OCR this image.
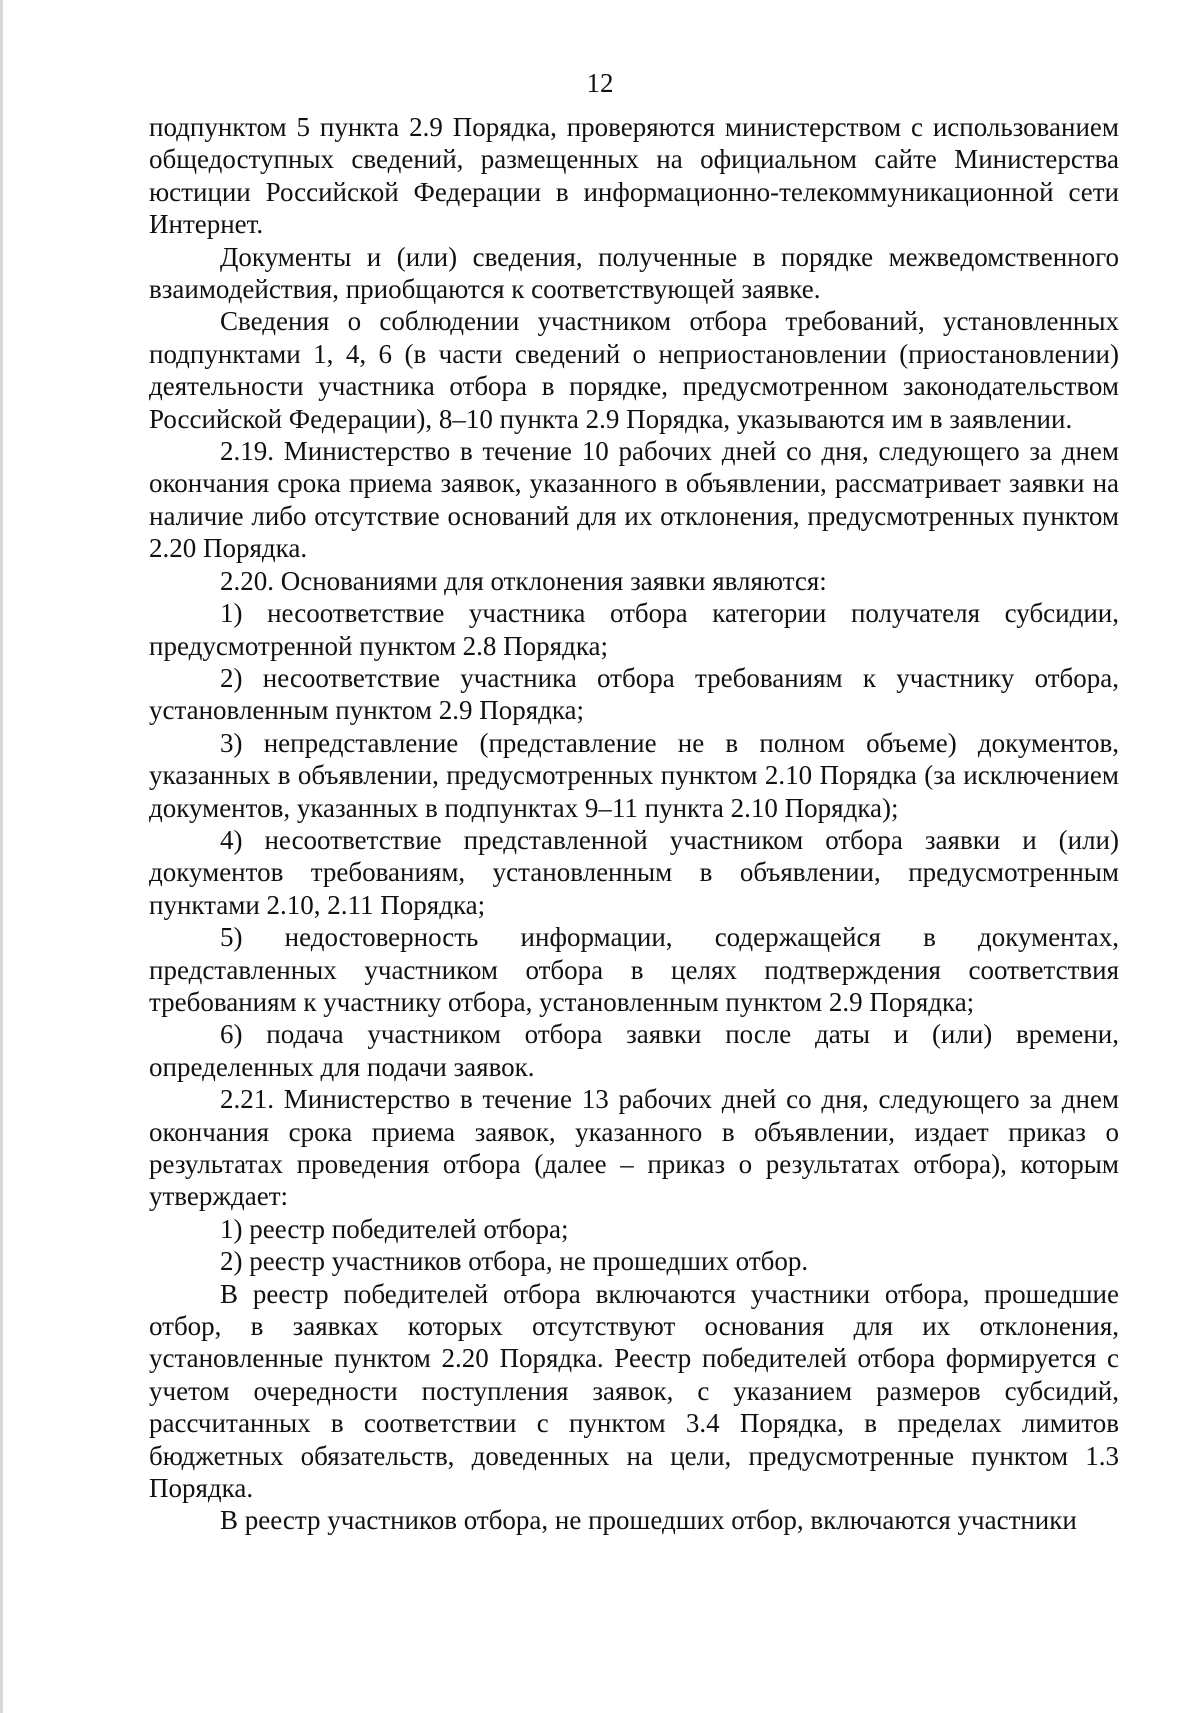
12

подпунктом 5 пункта 2.9 Порядка, проверяются министерством с использованием общедоступных сведений, размещенных на официальном сайте Министерства юстиции Российской Федерации в информационно-телекоммуникационной сети Интернет.

Документы и (или) сведения, полученные в порядке межведомственного взаимодействия, приобщаются к соответствующей заявке.

Сведения о соблюдении участником отбора требований, установленных подпунктами 1, 4, 6 (в части сведений о неприостановлении (приостановлении) деятельности участника отбора в порядке, предусмотренном законодательством Российской Федерации), 8–10 пункта 2.9 Порядка, указываются им в заявлении.

2.19. Министерство в течение 10 рабочих дней со дня, следующего за днем окончания срока приема заявок, указанного в объявлении, рассматривает заявки на наличие либо отсутствие оснований для их отклонения, предусмотренных пунктом 2.20 Порядка.

2.20. Основаниями для отклонения заявки являются:

1) несоответствие участника отбора категории получателя субсидии, предусмотренной пунктом 2.8 Порядка;

2) несоответствие участника отбора требованиям к участнику отбора, установленным пунктом 2.9 Порядка;

3) непредставление (представление не в полном объеме) документов, указанных в объявлении, предусмотренных пунктом 2.10 Порядка (за исключением документов, указанных в подпунктах 9–11 пункта 2.10 Порядка);

4) несоответствие представленной участником отбора заявки и (или) документов требованиям, установленным в объявлении, предусмотренным пунктами 2.10, 2.11 Порядка;

5) недостоверность информации, содержащейся в документах, представленных участником отбора в целях подтверждения соответствия требованиям к участнику отбора, установленным пунктом 2.9 Порядка;

6) подача участником отбора заявки после даты и (или) времени, определенных для подачи заявок.

2.21. Министерство в течение 13 рабочих дней со дня, следующего за днем окончания срока приема заявок, указанного в объявлении, издает приказ о результатах проведения отбора (далее – приказ о результатах отбора), которым утверждает:

1) реестр победителей отбора;

2) реестр участников отбора, не прошедших отбор.

В реестр победителей отбора включаются участники отбора, прошедшие отбор, в заявках которых отсутствуют основания для их отклонения, установленные пунктом 2.20 Порядка. Реестр победителей отбора формируется с учетом очередности поступления заявок, с указанием размеров субсидий, рассчитанных в соответствии с пунктом 3.4 Порядка, в пределах лимитов бюджетных обязательств, доведенных на цели, предусмотренные пунктом 1.3 Порядка.

В реестр участников отбора, не прошедших отбор, включаются участники
